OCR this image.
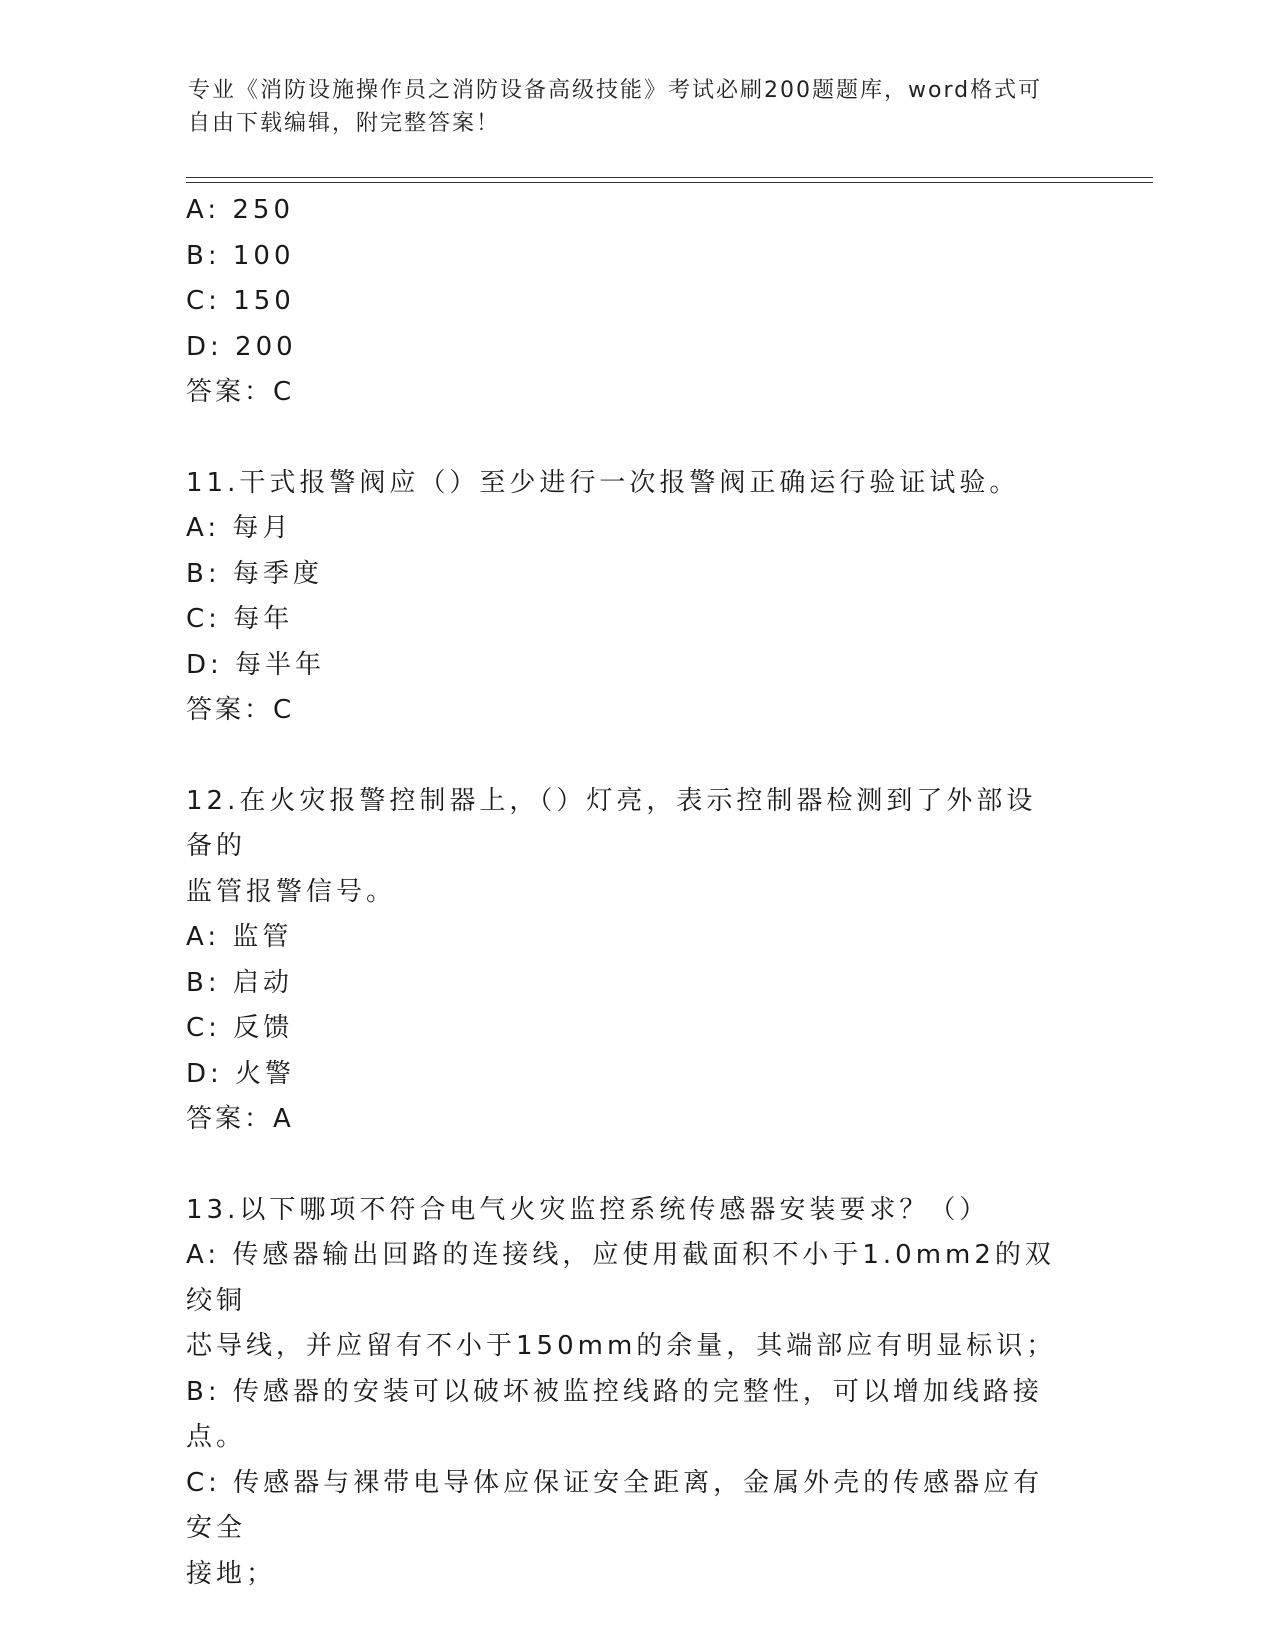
专业《消防设施操作员之消防设备高级技能》考试必刷200题题库，word格式可
自由下载编辑，附完整答案！
A: 250
B: 100
C: 150
D: 200
答案：C
11.干式报警阀应（）至少进行一次报警阀正确运行验证试验。
A: 每月
B: 每季度
C: 每年
D: 每半年
答案：C
12.在火灾报警控制器上，（）灯亮，表示控制器检测到了外部设备的
监管报警信号。
A: 监管
B: 启动
C: 反馈
D: 火警
答案：A
13.以下哪项不符合电气火灾监控系统传感器安装要求？（）
A: 传感器输出回路的连接线，应使用截面积不小于1.0mm2的双绞铜
芯导线，并应留有不小于150mm的余量，其端部应有明显标识；
B: 传感器的安装可以破坏被监控线路的完整性，可以增加线路接点。
C: 传感器与裸带电导体应保证安全距离，金属外壳的传感器应有安全
接地；
